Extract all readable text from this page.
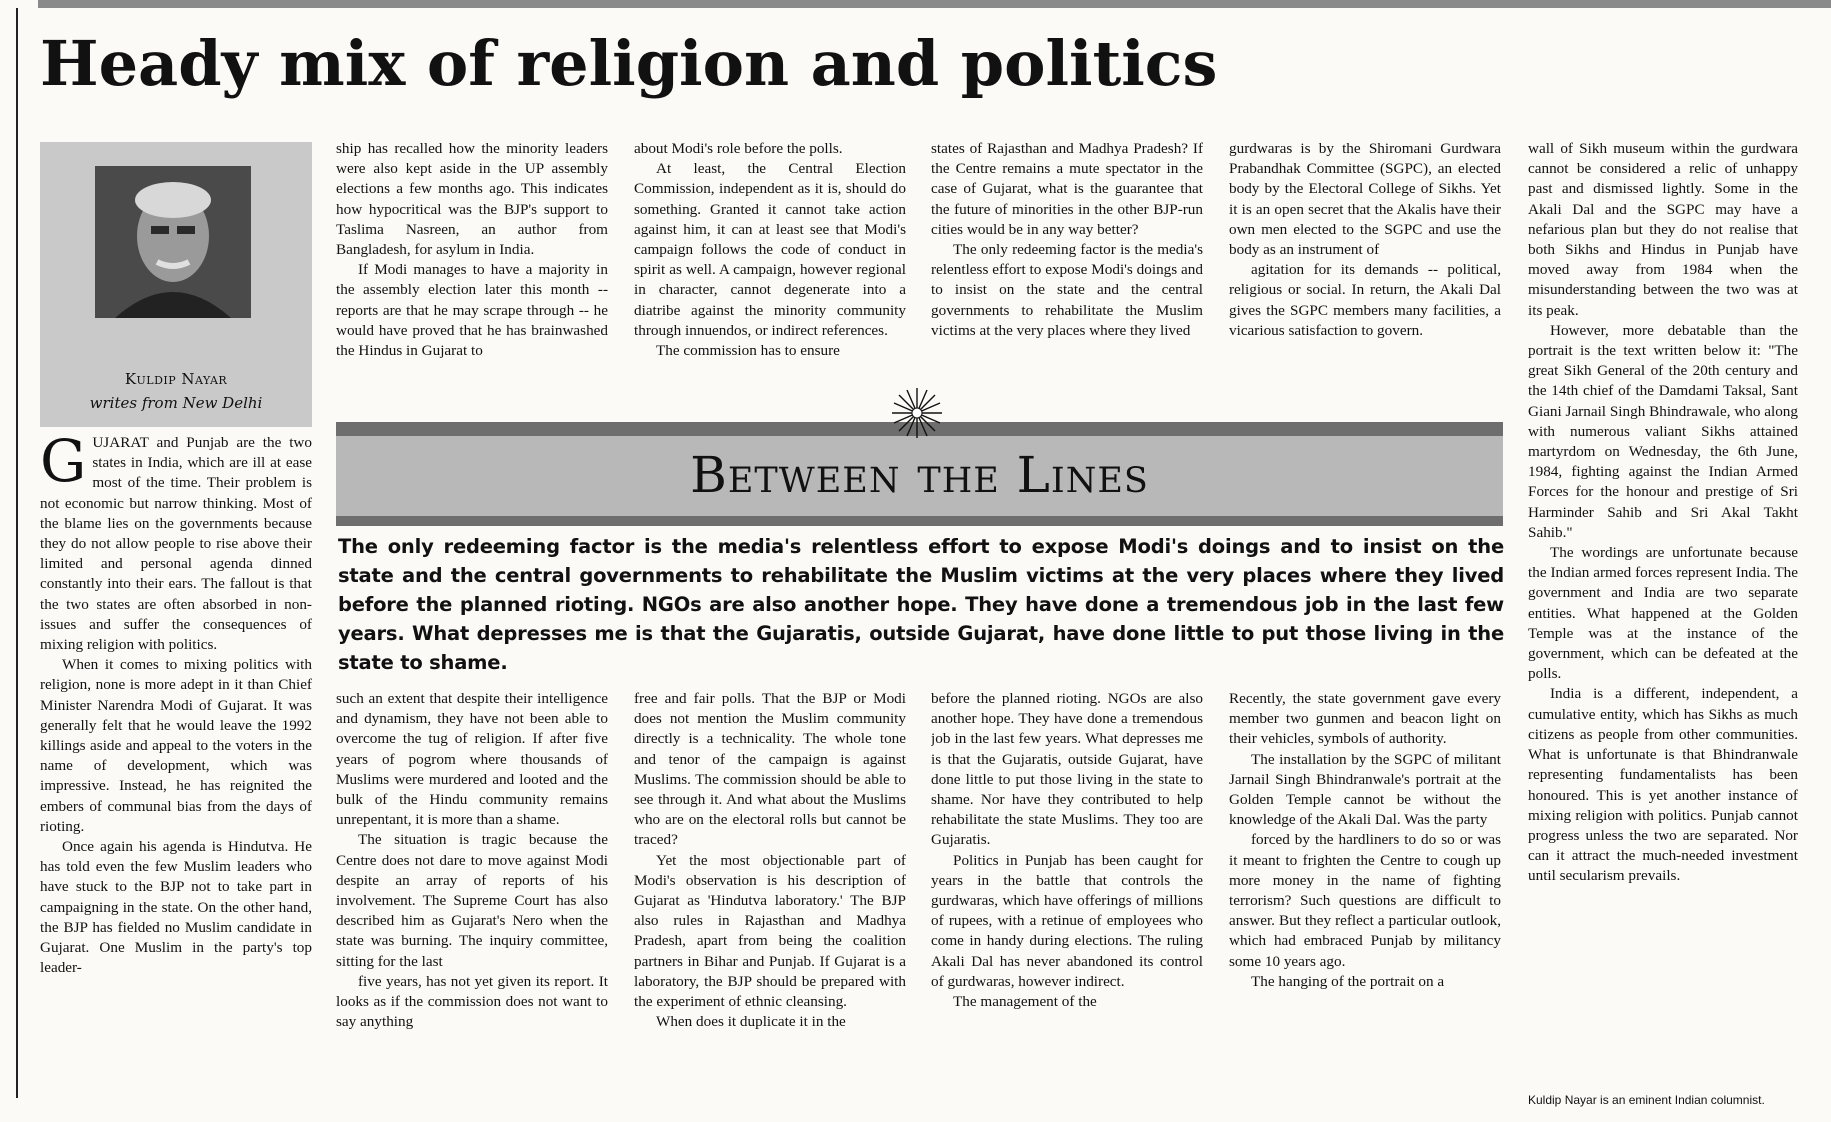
Heady mix of religion and politics
Kuldip Nayar
writes from New Delhi

GUJARAT and Punjab are the two states in India, which are ill at ease most of the time. Their problem is not economic but narrow thinking. Most of the blame lies on the governments because they do not allow people to rise above their limited and personal agenda dinned constantly into their ears. The fallout is that the two states are often absorbed in non-issues and suffer the consequences of mixing religion with politics.

When it comes to mixing politics with religion, none is more adept in it than Chief Minister Narendra Modi of Gujarat. It was generally felt that he would leave the 1992 killings aside and appeal to the voters in the name of development, which was impressive. Instead, he has reignited the embers of communal bias from the days of rioting.

Once again his agenda is Hindutva. He has told even the few Muslim leaders who have stuck to the BJP not to take part in campaigning in the state. On the other hand, the BJP has fielded no Muslim candidate in Gujarat. One Muslim in the party's top leader-

ship has recalled how the minority leaders were also kept aside in the UP assembly elections a few months ago. This indicates how hypocritical was the BJP's support to Taslima Nasreen, an author from Bangladesh, for asylum in India.

If Modi manages to have a majority in the assembly election later this month -- reports are that he may scrape through -- he would have proved that he has brainwashed the Hindus in Gujarat to

about Modi's role before the polls.

At least, the Central Election Commission, independent as it is, should do something. Granted it cannot take action against him, it can at least see that Modi's campaign follows the code of conduct in spirit as well. A campaign, however regional in character, cannot degenerate into a diatribe against the minority community through innuendos, or indirect references.

The commission has to ensure

states of Rajasthan and Madhya Pradesh? If the Centre remains a mute spectator in the case of Gujarat, what is the guarantee that the future of minorities in the other BJP-run cities would be in any way better?

The only redeeming factor is the media's relentless effort to expose Modi's doings and to insist on the state and the central governments to rehabilitate the Muslim victims at the very places where they lived

gurdwaras is by the Shiromani Gurdwara Prabandhak Committee (SGPC), an elected body by the Electoral College of Sikhs. Yet it is an open secret that the Akalis have their own men elected to the SGPC and use the body as an instrument of

agitation for its demands -- political, religious or social. In return, the Akali Dal gives the SGPC members many facilities, a vicarious satisfaction to govern.

Between the Lines
The only redeeming factor is the media's relentless effort to expose Modi's doings and to insist on the state and the central governments to rehabilitate the Muslim victims at the very places where they lived before the planned rioting. NGOs are also another hope. They have done a tremendous job in the last few years. What depresses me is that the Gujaratis, outside Gujarat, have done little to put those living in the state to shame.

such an extent that despite their intelligence and dynamism, they have not been able to overcome the tug of religion. If after five years of pogrom where thousands of Muslims were murdered and looted and the bulk of the Hindu community remains unrepentant, it is more than a shame.

The situation is tragic because the Centre does not dare to move against Modi despite an array of reports of his involvement. The Supreme Court has also described him as Gujarat's Nero when the state was burning. The inquiry committee, sitting for the last

five years, has not yet given its report. It looks as if the commission does not want to say anything

free and fair polls. That the BJP or Modi does not mention the Muslim community directly is a technicality. The whole tone and tenor of the campaign is against Muslims. The commission should be able to see through it. And what about the Muslims who are on the electoral rolls but cannot be traced?

Yet the most objectionable part of Modi's observation is his description of Gujarat as 'Hindutva laboratory.' The BJP also rules in Rajasthan and Madhya Pradesh, apart from being the coalition partners in Bihar and Punjab. If Gujarat is a laboratory, the BJP should be prepared with the experiment of ethnic cleansing.

When does it duplicate it in the

before the planned rioting. NGOs are also another hope. They have done a tremendous job in the last few years. What depresses me is that the Gujaratis, outside Gujarat, have done little to put those living in the state to shame. Nor have they contributed to help rehabilitate the state Muslims. They too are Gujaratis.

Politics in Punjab has been caught for years in the battle that controls the gurdwaras, which have offerings of millions of rupees, with a retinue of employees who come in handy during elections. The ruling Akali Dal has never abandoned its control of gurdwaras, however indirect.

The management of the

Recently, the state government gave every member two gunmen and beacon light on their vehicles, symbols of authority.

The installation by the SGPC of militant Jarnail Singh Bhindranwale's portrait at the Golden Temple cannot be without the knowledge of the Akali Dal. Was the party

forced by the hardliners to do so or was it meant to frighten the Centre to cough up more money in the name of fighting terrorism? Such questions are difficult to answer. But they reflect a particular outlook, which had embraced Punjab by militancy some 10 years ago.

The hanging of the portrait on a

wall of Sikh museum within the gurdwara cannot be considered a relic of unhappy past and dismissed lightly. Some in the Akali Dal and the SGPC may have a nefarious plan but they do not realise that both Sikhs and Hindus in Punjab have moved away from 1984 when the misunderstanding between the two was at its peak.

However, more debatable than the portrait is the text written below it: "The great Sikh General of the 20th century and the 14th chief of the Damdami Taksal, Sant Giani Jarnail Singh Bhindrawale, who along with numerous valiant Sikhs attained martyrdom on Wednesday, the 6th June, 1984, fighting against the Indian Armed Forces for the honour and prestige of Sri Harminder Sahib and Sri Akal Takht Sahib."

The wordings are unfortunate because the Indian armed forces represent India. The government and India are two separate entities. What happened at the Golden Temple was at the instance of the government, which can be defeated at the polls.

India is a different, independent, a cumulative entity, which has Sikhs as much citizens as people from other communities. What is unfortunate is that Bhindranwale representing fundamentalists has been honoured. This is yet another instance of mixing religion with politics. Punjab cannot progress unless the two are separated. Nor can it attract the much-needed investment until secularism prevails.

Kuldip Nayar is an eminent Indian columnist.
